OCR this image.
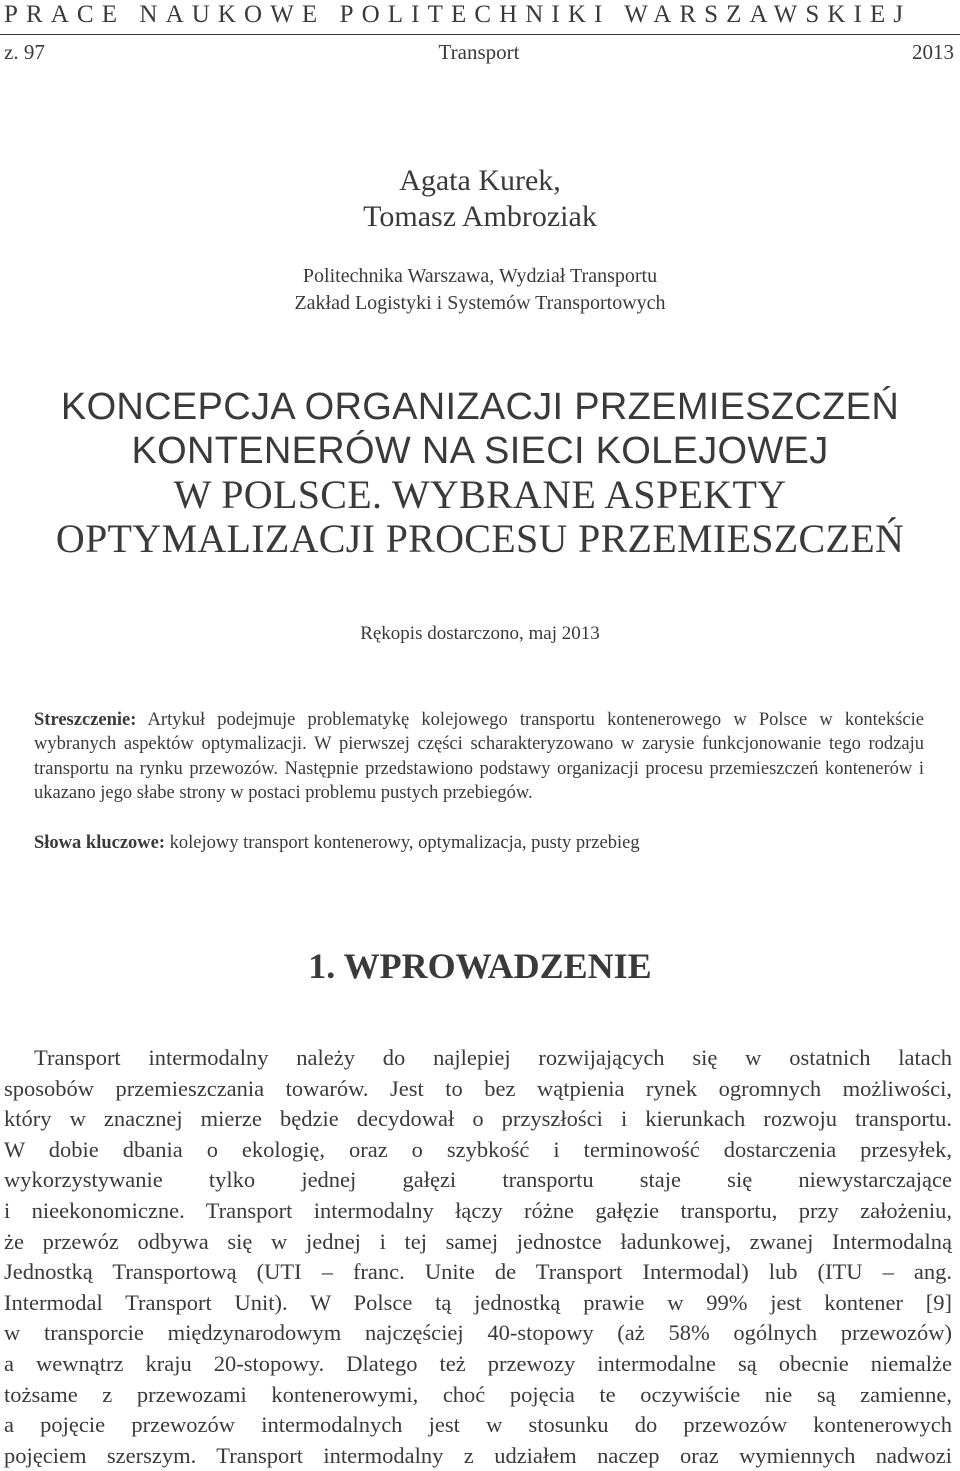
PRACE NAUKOWE POLITECHNIKI WARSZAWSKIEJ
z. 97	Transport	2013
Agata Kurek,
Tomasz Ambroziak
Politechnika Warszawa, Wydział Transportu
Zakład Logistyki i Systemów Transportowych
KONCEPCJA ORGANIZACJI PRZEMIESZCZEŃ
KONTENERÓW NA SIECI KOLEJOWEJ
W POLSCE. WYBRANE ASPEKTY
OPTYMALIZACJI PROCESU PRZEMIESZCZEŃ
Rękopis dostarczono, maj 2013
Streszczenie: Artykuł podejmuje problematykę kolejowego transportu kontenerowego w Polsce w kontekście wybranych aspektów optymalizacji. W pierwszej części scharakteryzowano w zarysie funkcjonowanie tego rodzaju transportu na rynku przewozów. Następnie przedstawiono podstawy organizacji procesu przemieszczeń kontenerów i ukazano jego słabe strony w postaci problemu pustych przebiegów.
Słowa kluczowe: kolejowy transport kontenerowy, optymalizacja, pusty przebieg
1. WPROWADZENIE
Transport intermodalny należy do najlepiej rozwijających się w ostatnich latach
sposobów przemieszczania towarów. Jest to bez wątpienia rynek ogromnych możliwości,
który w znacznej mierze będzie decydował o przyszłości i kierunkach rozwoju transportu.
W dobie dbania o ekologię, oraz o szybkość i terminowość dostarczenia przesyłek,
wykorzystywanie tylko jednej gałęzi transportu staje się niewystarczające
i nieekonomiczne. Transport intermodalny łączy różne gałęzie transportu, przy założeniu,
że przewóz odbywa się w jednej i tej samej jednostce ładunkowej, zwanej Intermodalną
Jednostką Transportową (UTI – franc. Unite de Transport Intermodal) lub (ITU – ang.
Intermodal Transport Unit). W Polsce tą jednostką prawie w 99% jest kontener [9]
w transporcie międzynarodowym najczęściej 40-stopowy (aż 58% ogólnych przewozów)
a wewnątrz kraju 20-stopowy. Dlatego też przewozy intermodalne są obecnie niemalże
tożsame z przewozami kontenerowymi, choć pojęcia te oczywiście nie są zamienne,
a pojęcie przewozów intermodalnych jest w stosunku do przewozów kontenerowych
pojęciem szerszym. Transport intermodalny z udziałem naczep oraz wymiennych nadwozi
